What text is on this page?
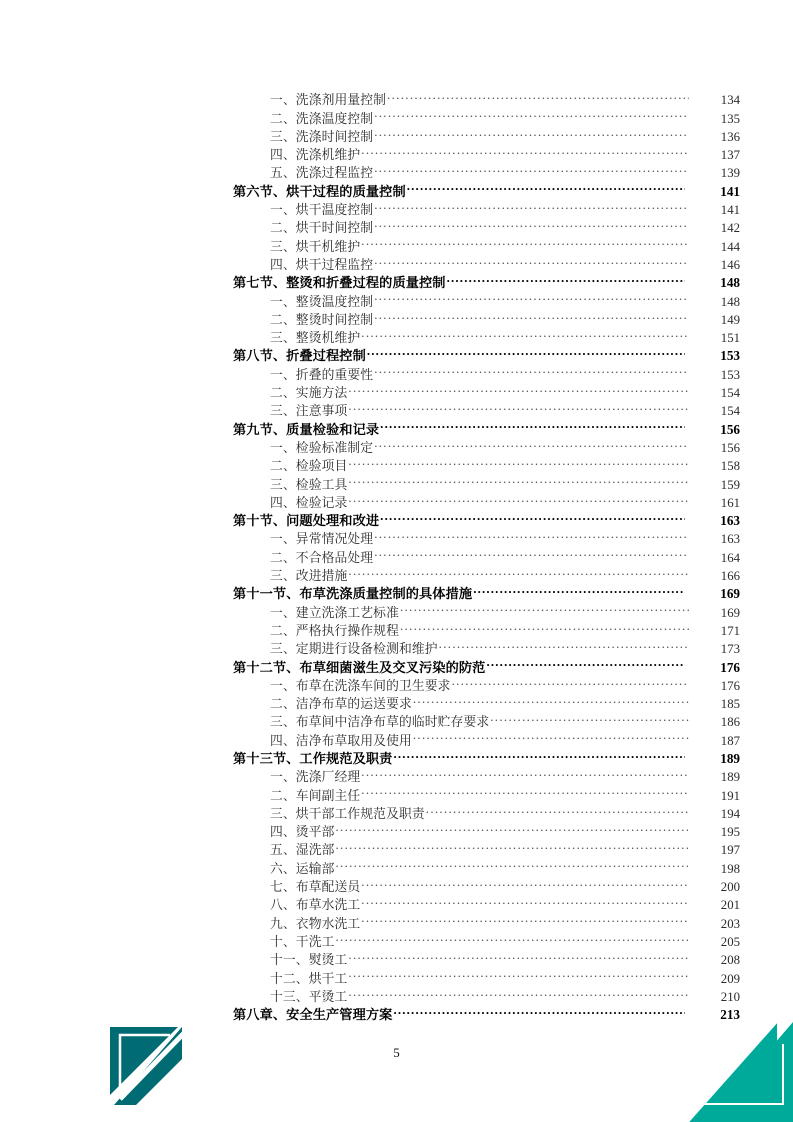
一、洗涤剂用量控制 .....	134
二、洗涤温度控制 .....	135
三、洗涤时间控制 .....	136
四、洗涤机维护 .....	137
五、洗涤过程监控 .....	139
第六节、烘干过程的质量控制 .....	141
一、烘干温度控制 .....	141
二、烘干时间控制 .....	142
三、烘干机维护 .....	144
四、烘干过程监控 .....	146
第七节、整烫和折叠过程的质量控制 .....	148
一、整烫温度控制 .....	148
二、整烫时间控制 .....	149
三、整烫机维护 .....	151
第八节、折叠过程控制 .....	153
一、折叠的重要性 .....	153
二、实施方法 .....	154
三、注意事项 .....	154
第九节、质量检验和记录 .....	156
一、检验标准制定 .....	156
二、检验项目 .....	158
三、检验工具 .....	159
四、检验记录 .....	161
第十节、问题处理和改进 .....	163
一、异常情况处理 .....	163
二、不合格品处理 .....	164
三、改进措施 .....	166
第十一节、布草洗涤质量控制的具体措施 .....	169
一、建立洗涤工艺标准 .....	169
二、严格执行操作规程 .....	171
三、定期进行设备检测和维护 .....	173
第十二节、布草细菌滋生及交叉污染的防范 .....	176
一、布草在洗涤车间的卫生要求 .....	176
二、洁净布草的运送要求 .....	185
三、布草间中洁净布草的临时贮存要求 .....	186
四、洁净布草取用及使用 .....	187
第十三节、工作规范及职责 .....	189
一、洗涤厂经理 .....	189
二、车间副主任 .....	191
三、烘干部工作规范及职责 .....	194
四、烫平部 .....	195
五、湿洗部 .....	197
六、运输部 .....	198
七、布草配送员 .....	200
八、布草水洗工 .....	201
九、衣物水洗工 .....	203
十、干洗工 .....	205
十一、熨烫工 .....	208
十二、烘干工 .....	209
十三、平烫工 .....	210
第八章、安全生产管理方案 .....	213
5
